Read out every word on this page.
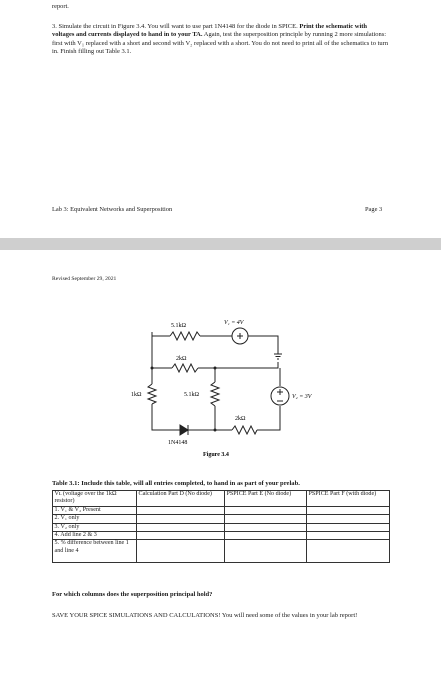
report.
3. Simulate the circuit in Figure 3.4. You will want to use part 1N4148 for the diode in SPICE. Print the schematic with voltages and currents displayed to hand in to your TA. Again, test the superposition principle by running 2 more simulations: first with V₁ replaced with a short and second with V₂ replaced with a short. You do not need to print all of the schematics to turn in. Finish filling out Table 3.1.
Lab 3: Equivalent Networks and Superposition	Page 3
Revised September 29, 2021
5.1kΩ	V₁ = 4V
2kΩ
1kΩ	5.1kΩ	V₂ = 3V
2kΩ
1N4148
Figure 3.4
Table 3.1: Include this table, will all entries completed, to hand in as part of your prelab.
Vʟ (voltage over the 1kΩ resistor)	Calculation Part D (No diode)	PSPICE Part E (No diode)	PSPICE Part F (with diode)
1. V₁ & V₂ Present			
2. V₁ only			
3. V₂ only			
4. Add line 2 & 3			
5. % difference between line 1 and line 4			
For which columns does the superposition principal hold?
SAVE YOUR SPICE SIMULATIONS AND CALCULATIONS! You will need some of the values in your lab report!
